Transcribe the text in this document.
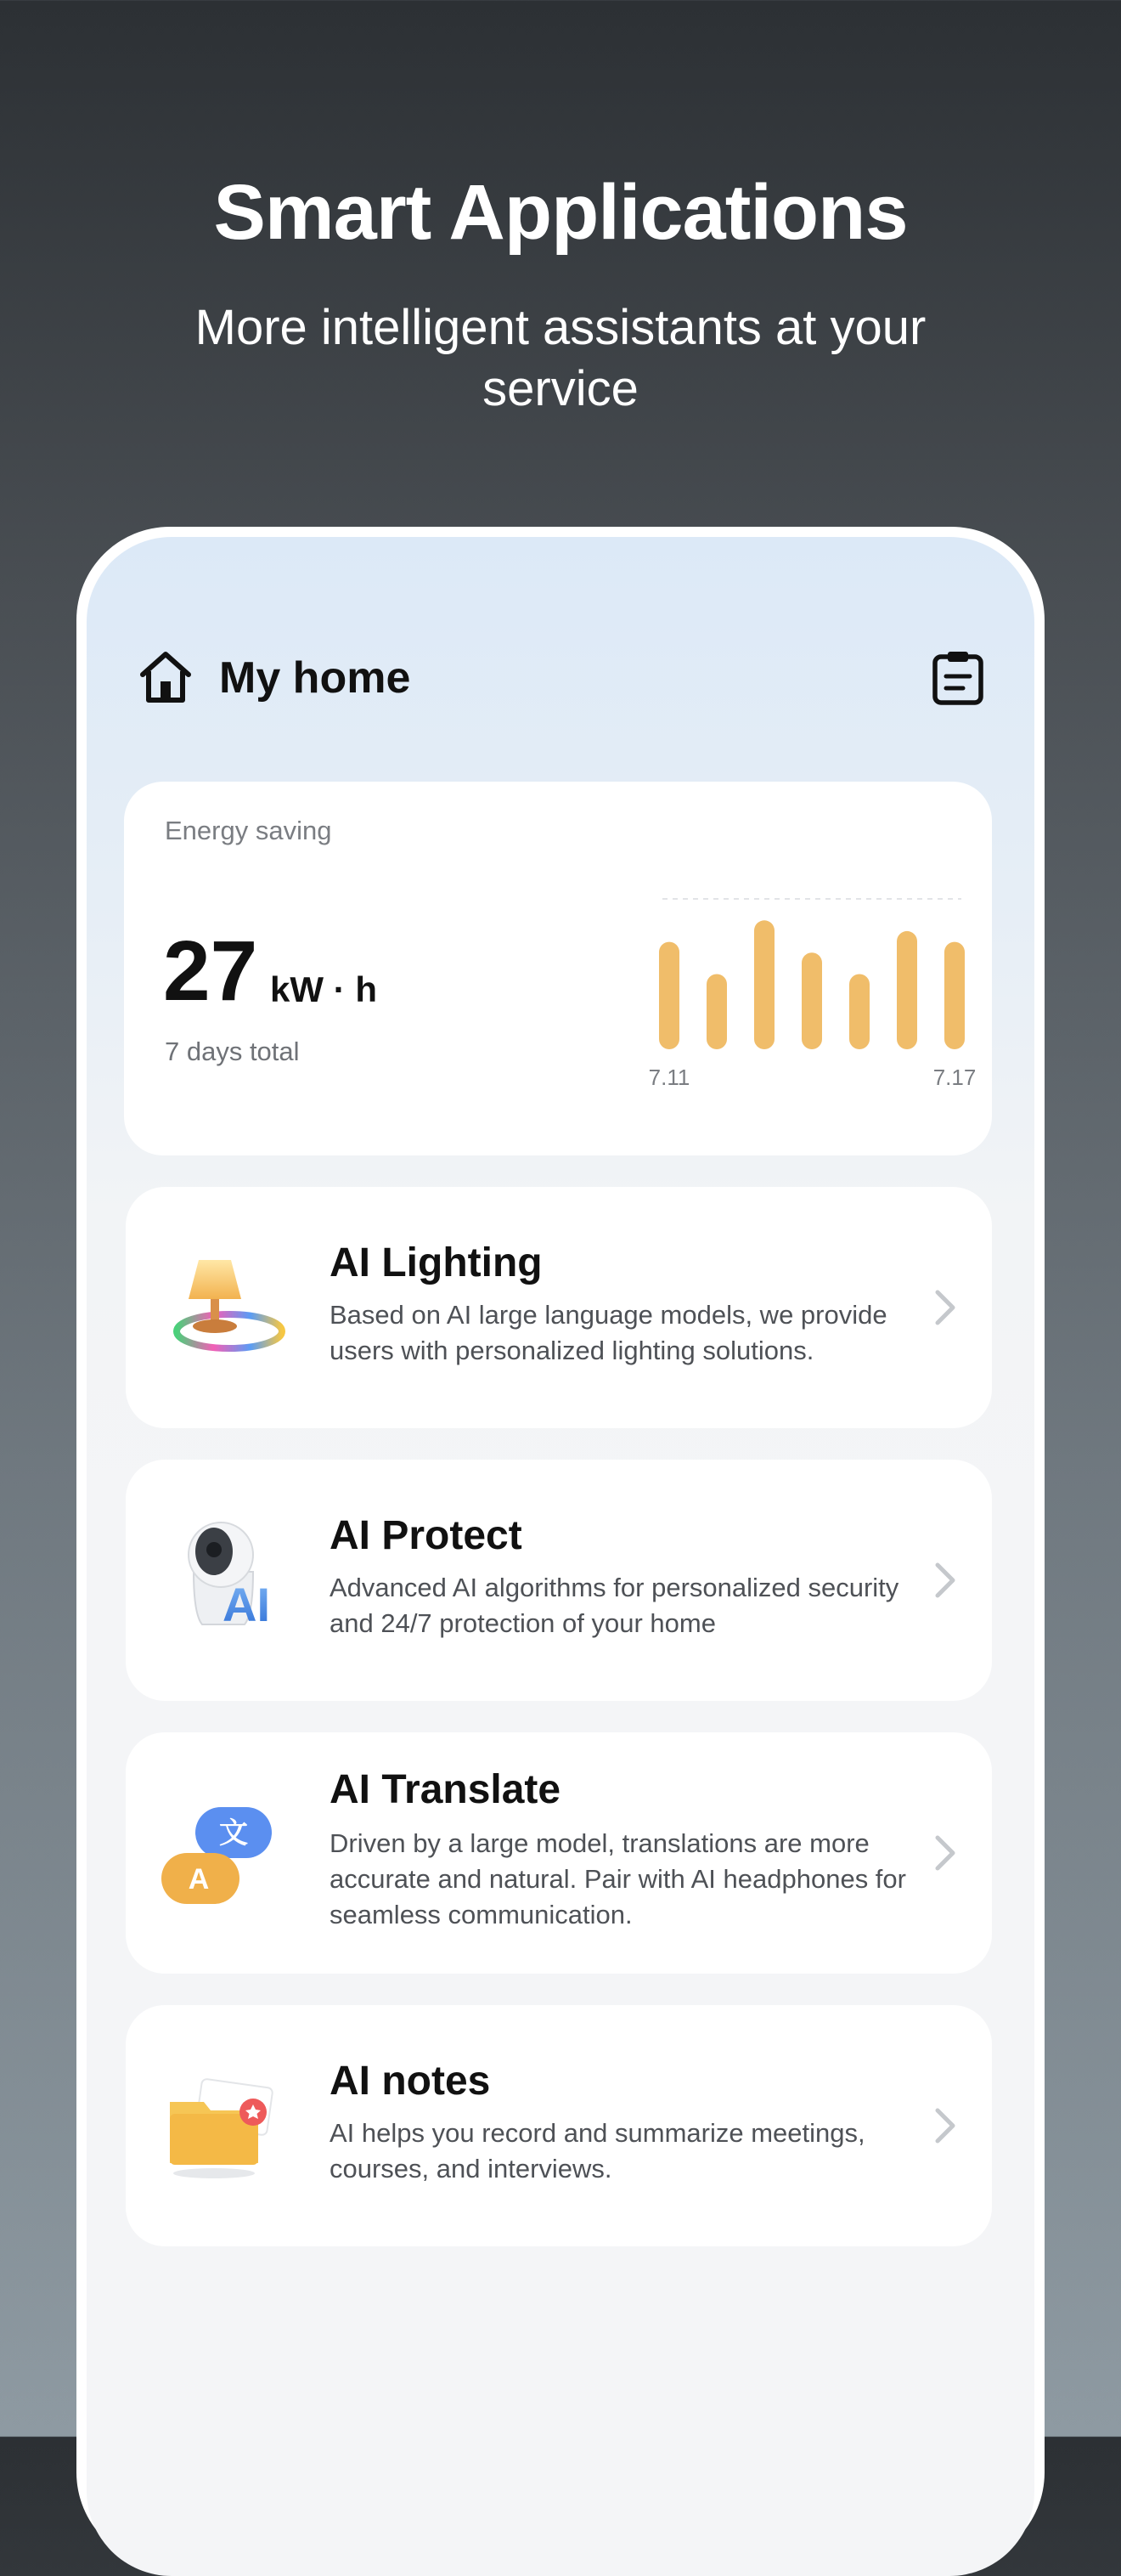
Smart Applications
More intelligent assistants at your service
My home
Energy saving
27 kW · h
7 days total
7.11	7.17
AI Lighting
Based on AI large language models, we provide users with personalized lighting solutions.
AI
AI Protect
Advanced AI algorithms for personalized security and 24/7 protection of your home
文
A
AI Translate
Driven by a large model, translations are more accurate and natural. Pair with AI headphones for seamless communication.
AI notes
AI helps you record and summarize meetings, courses, and interviews.
